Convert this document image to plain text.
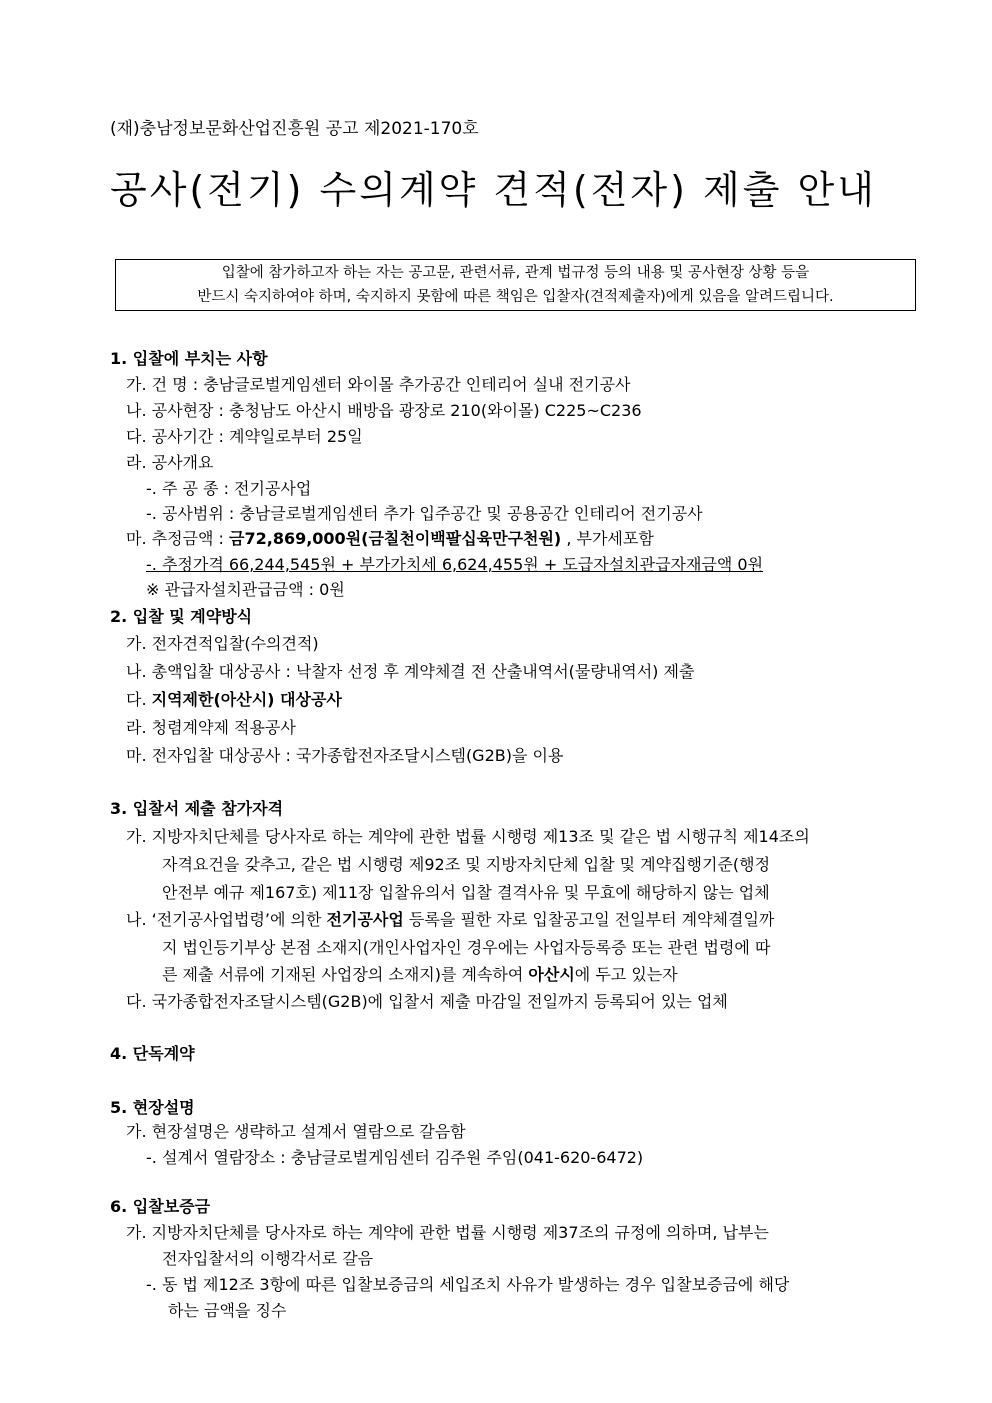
(재)충남정보문화산업진흥원 공고 제2021-170호
공사(전기) 수의계약 견적(전자) 제출 안내
입찰에 참가하고자 하는 자는 공고문, 관련서류, 관계 법규정 등의 내용 및 공사현장 상황 등을
반드시 숙지하여야 하며, 숙지하지 못함에 따른 책임은 입찰자(견적제출자)에게 있음을 알려드립니다.
1. 입찰에 부치는 사항
가. 건 명 : 충남글로벌게임센터 와이몰 추가공간 인테리어 실내 전기공사
나. 공사현장 : 충청남도 아산시 배방읍 광장로 210(와이몰) C225~C236
다. 공사기간 : 계약일로부터 25일
라. 공사개요
-. 주 공 종 : 전기공사업
-. 공사범위 : 충남글로벌게임센터 추가 입주공간 및 공용공간 인테리어 전기공사
마. 추정금액 : 금72,869,000원(금칠천이백팔십육만구천원) , 부가세포함
-. 추정가격 66,244,545원 + 부가가치세 6,624,455원 + 도급자설치관급자재금액 0원
※ 관급자설치관급금액 : 0원
2. 입찰 및 계약방식
가. 전자견적입찰(수의견적)
나. 총액입찰 대상공사 : 낙찰자 선정 후 계약체결 전 산출내역서(물량내역서) 제출
다. 지역제한(아산시) 대상공사
라. 청렴계약제 적용공사
마. 전자입찰 대상공사 : 국가종합전자조달시스템(G2B)을 이용
3. 입찰서 제출 참가자격
가. 지방자치단체를 당사자로 하는 계약에 관한 법률 시행령 제13조 및 같은 법 시행규칙 제14조의
자격요건을 갖추고, 같은 법 시행령 제92조 및 지방자치단체 입찰 및 계약집행기준(행정
안전부 예규 제167호) 제11장 입찰유의서 입찰 결격사유 및 무효에 해당하지 않는 업체
나. ‘전기공사업법령’에 의한 전기공사업 등록을 필한 자로 입찰공고일 전일부터 계약체결일까
지 법인등기부상 본점 소재지(개인사업자인 경우에는 사업자등록증 또는 관련 법령에 따
른 제출 서류에 기재된 사업장의 소재지)를 계속하여 아산시에 두고 있는자
다. 국가종합전자조달시스템(G2B)에 입찰서 제출 마감일 전일까지 등록되어 있는 업체
4. 단독계약
5. 현장설명
가. 현장설명은 생략하고 설계서 열람으로 갈음함
-. 설계서 열람장소 : 충남글로벌게임센터 김주원 주임(041-620-6472)
6. 입찰보증금
가. 지방자치단체를 당사자로 하는 계약에 관한 법률 시행령 제37조의 규정에 의하며, 납부는
전자입찰서의 이행각서로 갈음
-. 동 법 제12조 3항에 따른 입찰보증금의 세입조치 사유가 발생하는 경우 입찰보증금에 해당
하는 금액을 징수
